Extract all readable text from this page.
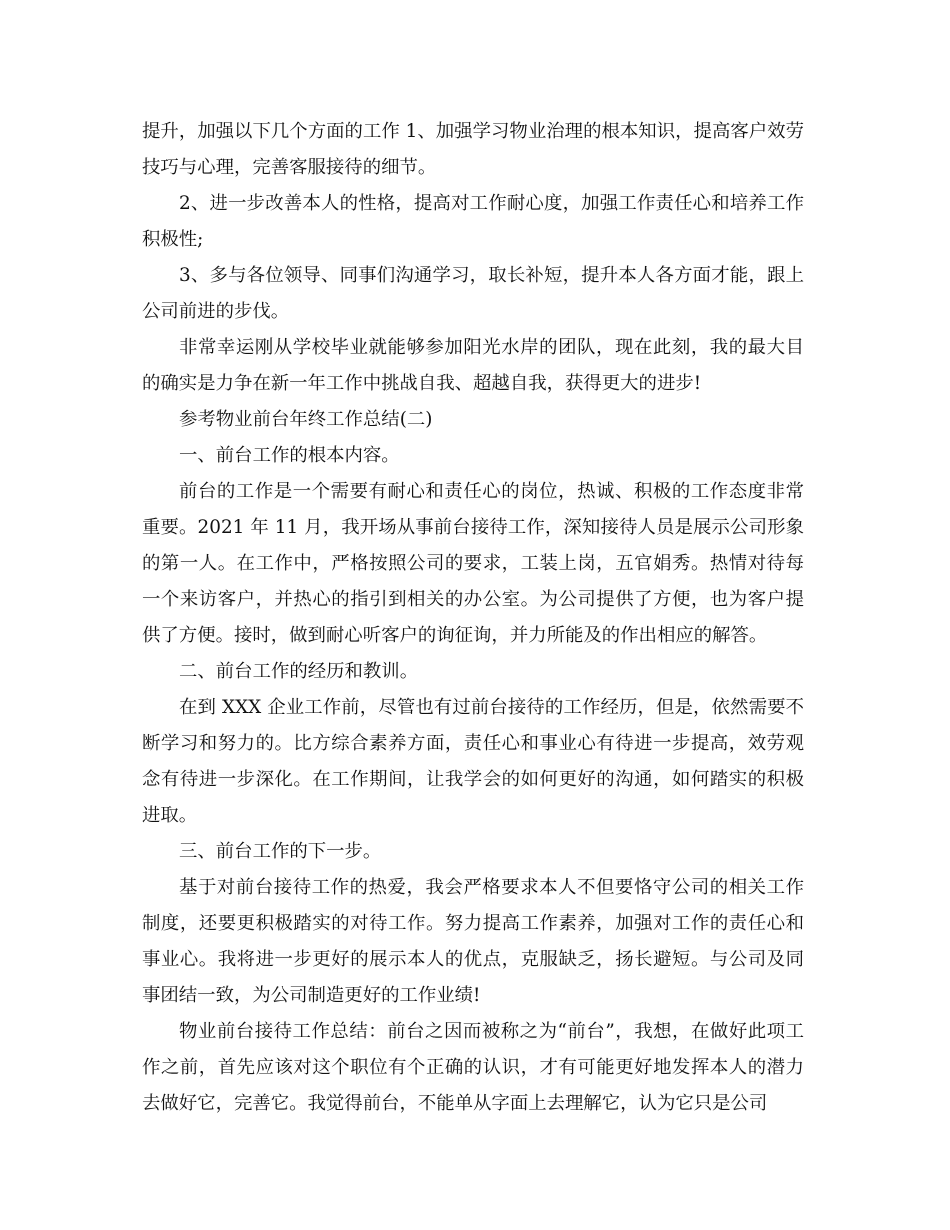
提升，加强以下几个方面的工作 1、加强学习物业治理的根本知识，提高客户效劳技巧与心理，完善客服接待的细节。

2、进一步改善本人的性格，提高对工作耐心度，加强工作责任心和培养工作积极性;

3、多与各位领导、同事们沟通学习，取长补短，提升本人各方面才能，跟上公司前进的步伐。

非常幸运刚从学校毕业就能够参加阳光水岸的团队，现在此刻，我的最大目的确实是力争在新一年工作中挑战自我、超越自我，获得更大的进步!

参考物业前台年终工作总结(二)

一、前台工作的根本内容。

前台的工作是一个需要有耐心和责任心的岗位，热诚、积极的工作态度非常重要。2021 年 11 月，我开场从事前台接待工作，深知接待人员是展示公司形象的第一人。在工作中，严格按照公司的要求，工装上岗，五官娟秀。热情对待每一个来访客户，并热心的指引到相关的办公室。为公司提供了方便，也为客户提供了方便。接时，做到耐心听客户的询征询，并力所能及的作出相应的解答。

二、前台工作的经历和教训。

在到 XXX 企业工作前，尽管也有过前台接待的工作经历，但是，依然需要不断学习和努力的。比方综合素养方面，责任心和事业心有待进一步提高，效劳观念有待进一步深化。在工作期间，让我学会的如何更好的沟通，如何踏实的积极进取。

三、前台工作的下一步。

基于对前台接待工作的热爱，我会严格要求本人不但要恪守公司的相关工作制度，还要更积极踏实的对待工作。努力提高工作素养，加强对工作的责任心和事业心。我将进一步更好的展示本人的优点，克服缺乏，扬长避短。与公司及同事团结一致，为公司制造更好的工作业绩!

物业前台接待工作总结：前台之因而被称之为“前台”，我想，在做好此项工作之前，首先应该对这个职位有个正确的认识，才有可能更好地发挥本人的潜力去做好它，完善它。我觉得前台，不能单从字面上去理解它，认为它只是公司
